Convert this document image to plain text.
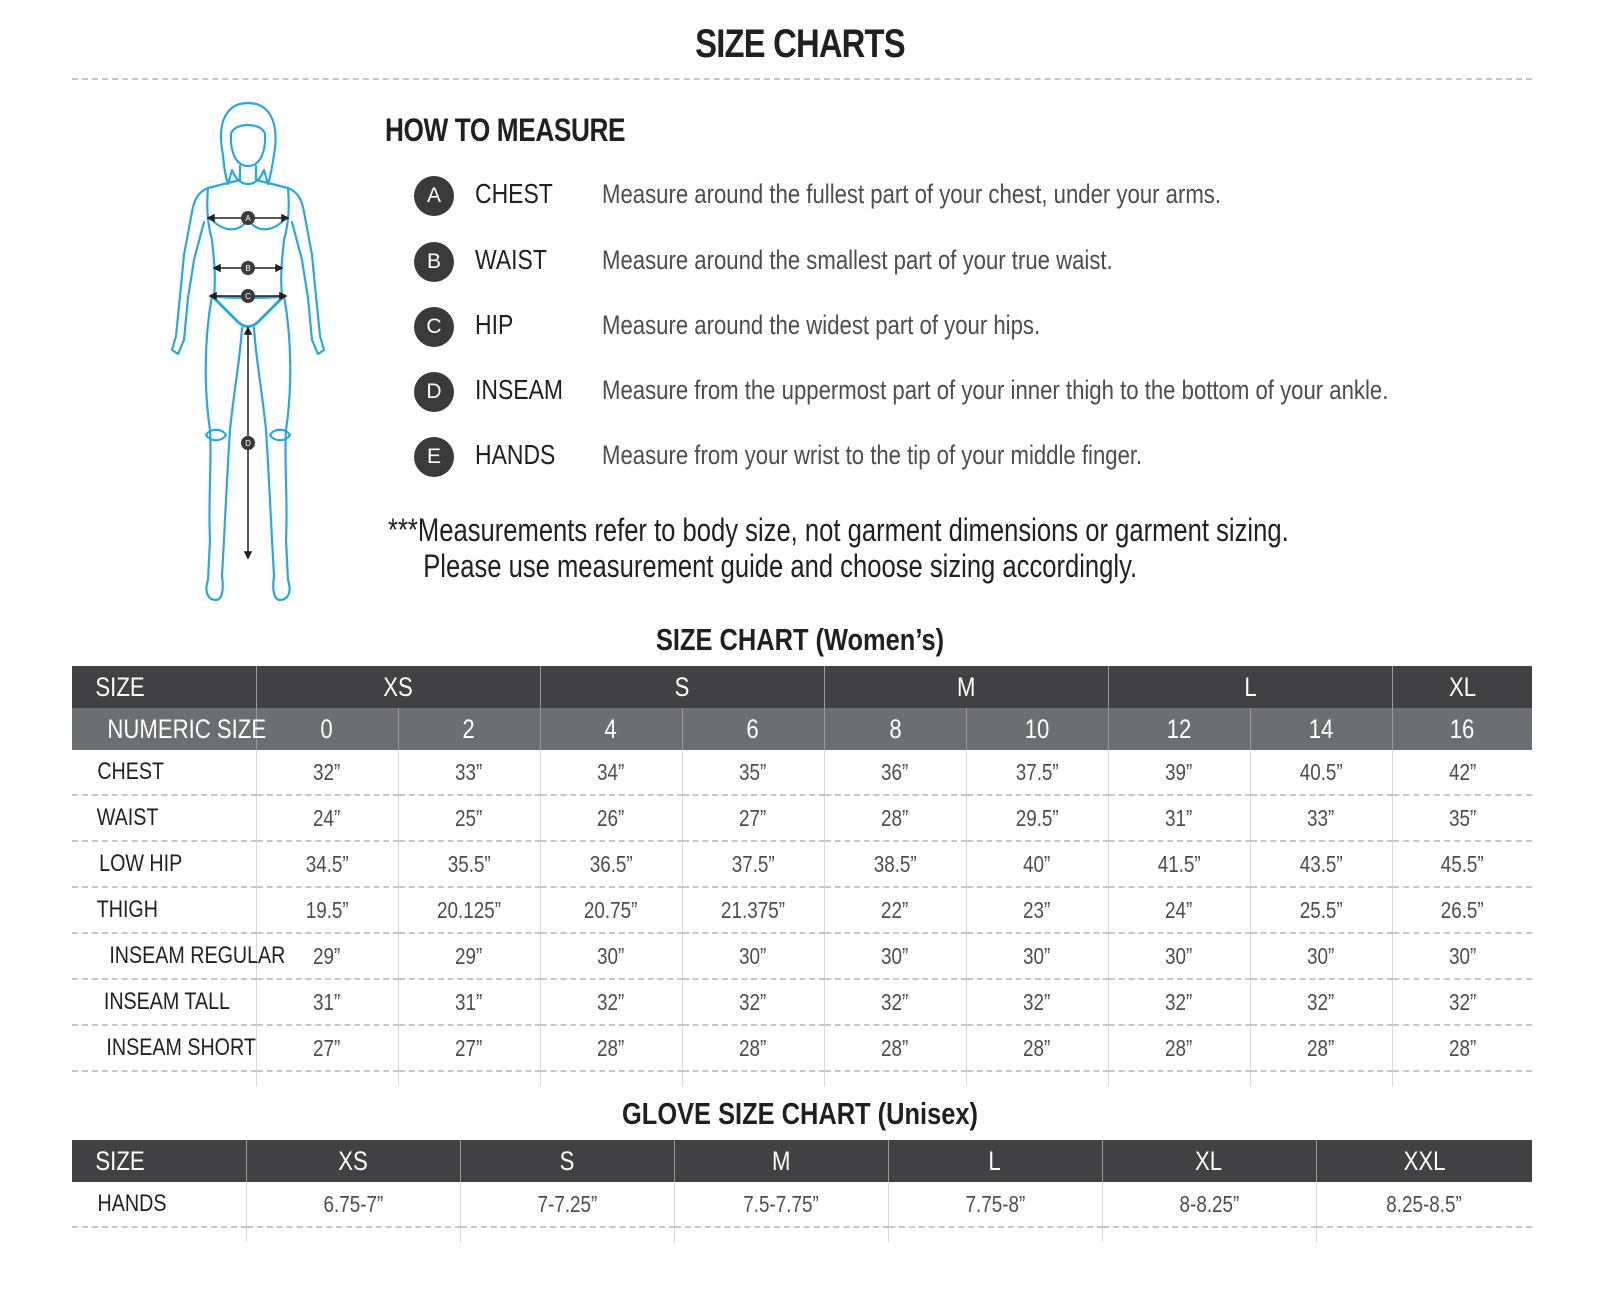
SIZE CHARTS
A
B
C
D
HOW TO MEASURE
A	CHEST Measure around the fullest part of your chest, under your arms.
B	WAIST Measure around the smallest part of your true waist.
C	HIP	Measure around the widest part of your hips.
D	INSEAM Measure from the uppermost part of your inner thigh to the bottom of your ankle.
E	HANDS Measure from your wrist to the tip of your middle finger.
***Measurements refer to body size, not garment dimensions or garment sizing.
Please use measurement guide and choose sizing accordingly.
SIZE CHART (Women’s)
SIZE	XS		S		M		L		XL
NUMERIC SIZE	0	2	4	6	8	10	12	14	16
CHEST	32”	33”	34”	35”	36”	37.5”	39”	40.5”	42”
WAIST	24”	25”	26”	27”	28”	29.5”	31”	33”	35”
LOW HIP	34.5”	35.5”	36.5”	37.5”	38.5”	40”	41.5”	43.5”	45.5”
THIGH	19.5”	20.125”	20.75”	21.375”	22”	23”	24”	25.5”	26.5”
INSEAM REGULAR	29”	29”	30”	30”	30”	30”	30”	30”	30”
INSEAM TALL	31”	31”	32”	32”	32”	32”	32”	32”	32”
INSEAM SHORT	27”	27”	28”	28”	28”	28”	28”	28”	28”

GLOVE SIZE CHART (Unisex)
SIZE	XS	S	M	L	XL	XXL
HANDS	6.75-7”	7-7.25”	7.5-7.75”	7.75-8”	8-8.25”	8.25-8.5”
